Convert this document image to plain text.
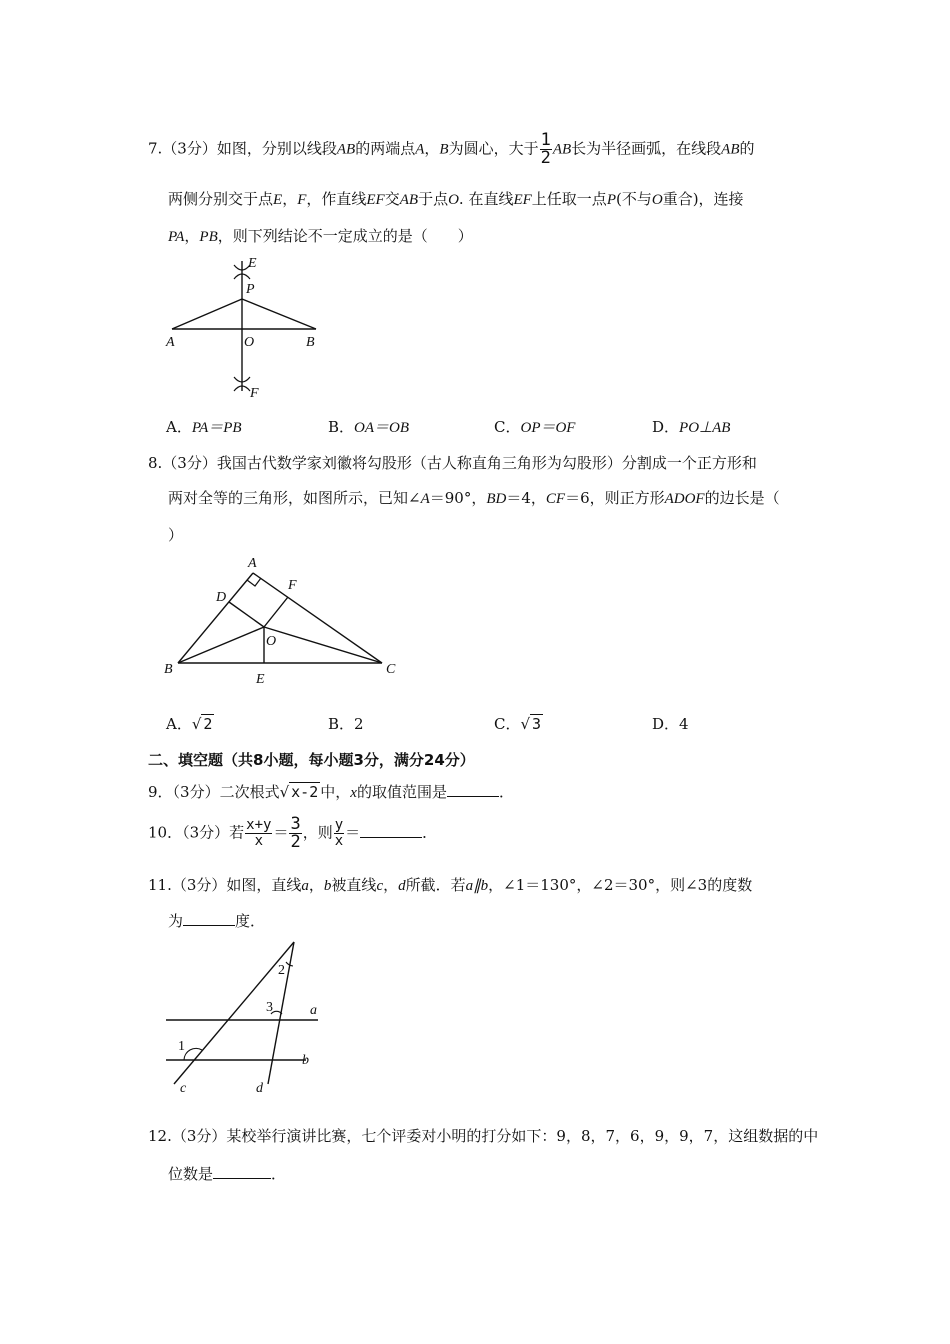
7.（3分）如图，分别以线段AB的两端点A，B为圆心，大于 $\frac{1}{2}$ AB长为半径画弧，在线段AB的
两侧分别交于点E，F，作直线EF交AB于点O. 在直线EF上任取一点P(不与O重合)，连接
PA，PB，则下列结论不一定成立的是（　　）
E
P
A	O	B
F
A．PA＝PB	B．OA＝OB	C．OP＝OF	D．PO⊥AB
8.（3分）我国古代数学家刘徽将勾股形（古人称直角三角形为勾股形）分割成一个正方形和
两对全等的三角形，如图所示，已知∠A＝90°，BD＝4，CF＝6，则正方形ADOF的边长是（
）
A
D
F
O
B
E
C
A．√ 2	B．2	C．√ 3	D．4
二、填空题（共8小题，每小题3分，满分24分）
9．（3分）二次根式√ x-2 中，x的取值范围是	．
10．（3分）若 $\frac{x+y}{x} = \frac{3}{2}$ ，则 $\frac{y}{x}$ ＝	．
11.（3分）如图，直线a，b被直线c，d所截．若a∥b，∠1＝130°，∠2＝30°，则∠3的度数
为	度．
1
2
3	a
b
c	d
12.（3分）某校举行演讲比赛，七个评委对小明的打分如下：9，8，7，6，9，9，7，这组数据的中
位数是	．
